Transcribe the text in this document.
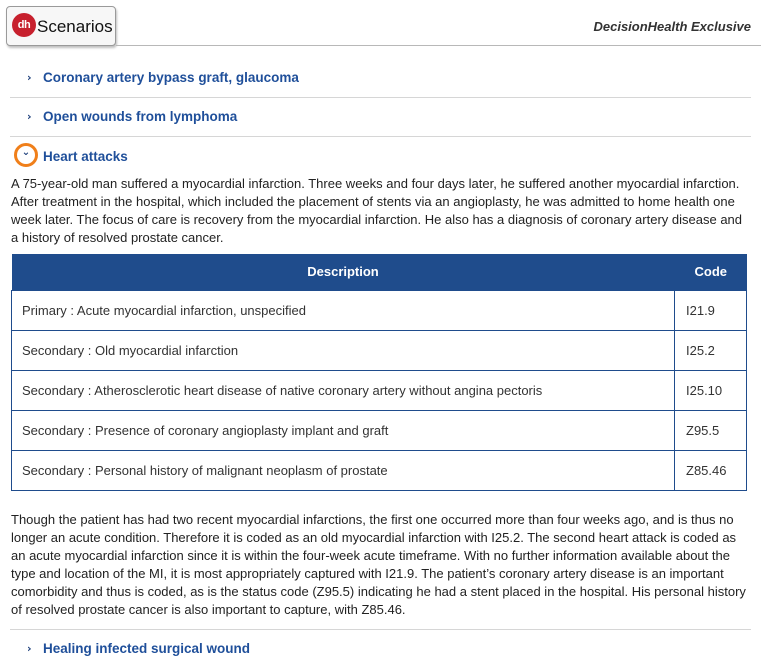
dh Scenarios	DecisionHealth Exclusive
› Coronary artery bypass graft, glaucoma
› Open wounds from lymphoma
⌄ Heart attacks
A 75-year-old man suffered a myocardial infarction. Three weeks and four days later, he suffered another myocardial infarction. After treatment in the hospital, which included the placement of stents via an angioplasty, he was admitted to home health one week later. The focus of care is recovery from the myocardial infarction. He also has a diagnosis of coronary artery disease and a history of resolved prostate cancer.
Description	Code
Primary : Acute myocardial infarction, unspecified	I21.9
Secondary : Old myocardial infarction	I25.2
Secondary : Atherosclerotic heart disease of native coronary artery without angina pectoris	I25.10
Secondary : Presence of coronary angioplasty implant and graft	Z95.5
Secondary : Personal history of malignant neoplasm of prostate	Z85.46
Though the patient has had two recent myocardial infarctions, the first one occurred more than four weeks ago, and is thus no longer an acute condition. Therefore it is coded as an old myocardial infarction with I25.2. The second heart attack is coded as an acute myocardial infarction since it is within the four-week acute timeframe. With no further information available about the type and location of the MI, it is most appropriately captured with I21.9. The patient’s coronary artery disease is an important comorbidity and thus is coded, as is the status code (Z95.5) indicating he had a stent placed in the hospital. His personal history of resolved prostate cancer is also important to capture, with Z85.46.
› Healing infected surgical wound
